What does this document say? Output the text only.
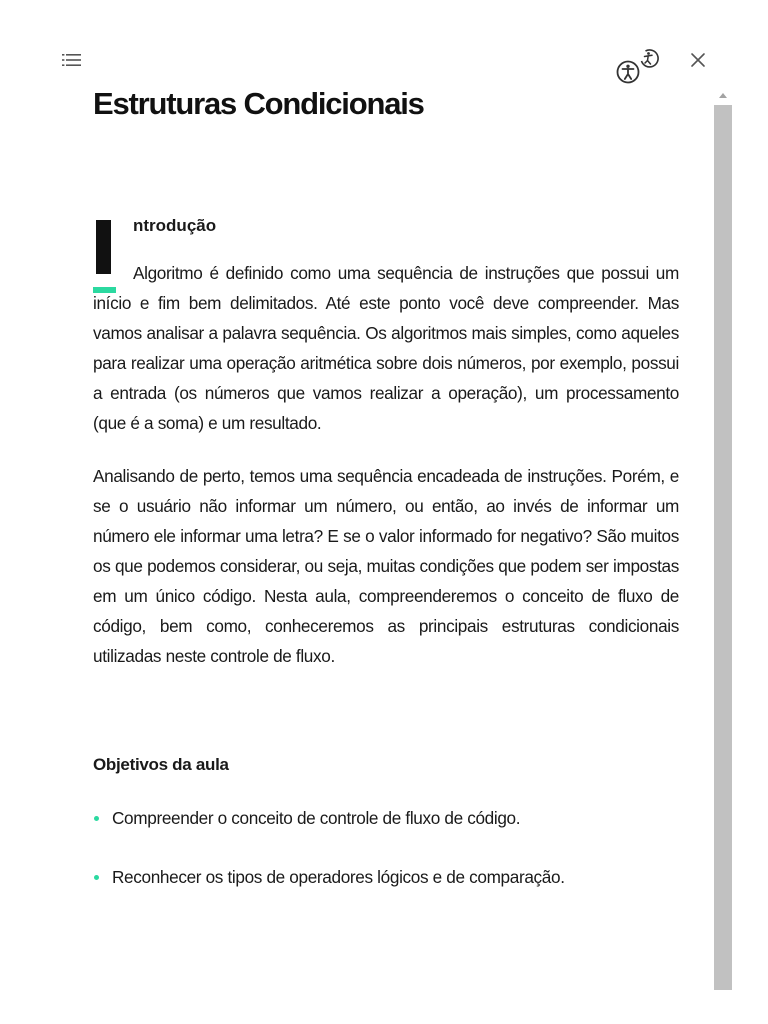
Estruturas Condicionais
ntrodução

Algoritmo é definido como uma sequência de instruções que possui um início e fim bem delimitados. Até este ponto você deve compreender. Mas vamos analisar a palavra sequência. Os algoritmos mais simples, como aqueles para realizar uma operação aritmética sobre dois números, por exemplo, possui a entrada (os números que vamos realizar a operação), um processamento (que é a soma) e um resultado.

Analisando de perto, temos uma sequência encadeada de instruções. Porém, e se o usuário não informar um número, ou então, ao invés de informar um número ele informar uma letra? E se o valor informado for negativo? São muitos os que podemos considerar, ou seja, muitas condições que podem ser impostas em um único código. Nesta aula, compreenderemos o conceito de fluxo de código, bem como, conheceremos as principais estruturas condicionais utilizadas neste controle de fluxo.

Objetivos da aula
Compreender o conceito de controle de fluxo de código.
Reconhecer os tipos de operadores lógicos e de comparação.
